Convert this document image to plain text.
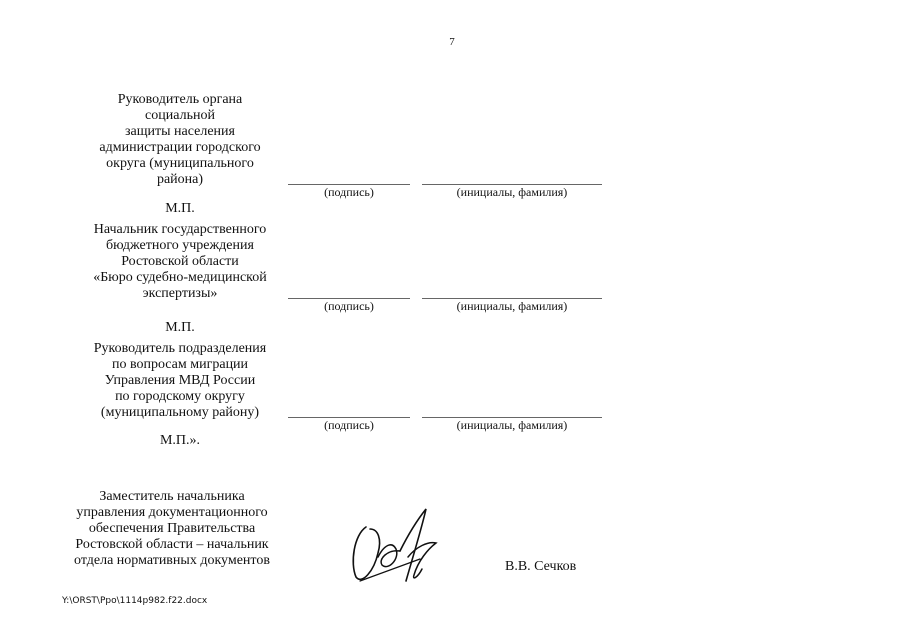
7
Руководитель органа
социальной
защиты населения
администрации городского
округа (муниципального
района)
(подпись)	(инициалы, фамилия)
М.П.
Начальник государственного
бюджетного учреждения
Ростовской области
«Бюро судебно-медицинской
экспертизы»
(подпись)	(инициалы, фамилия)
М.П.
Руководитель подразделения
по вопросам миграции
Управления МВД России
по городскому округу
(муниципальному району)
(подпись)	(инициалы, фамилия)
М.П.».
Заместитель начальника
управления документационного
обеспечения Правительства
Ростовской области – начальник
отдела нормативных документов	В.В. Сечков
Y:\ORST\Ppo\1114p982.f22.docx
